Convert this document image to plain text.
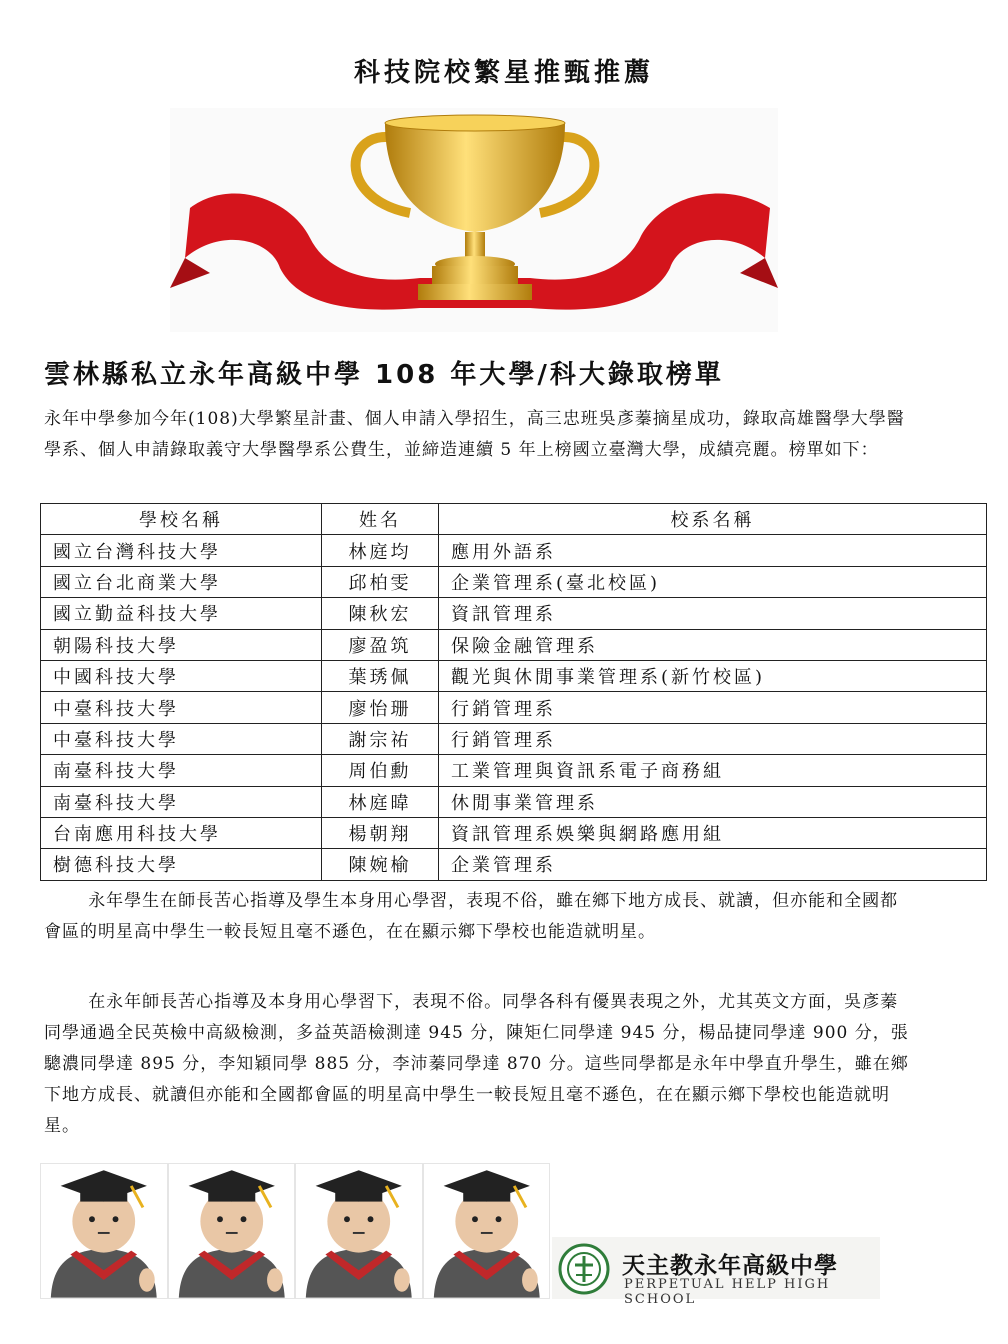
科技院校繁星推甄推薦
雲林縣私立永年高級中學 108 年大學/科大錄取榜單
永年中學參加今年(108)大學繁星計畫、個人申請入學招生，高三忠班吳彥蓁摘星成功，錄取高雄醫學大學醫學系、個人申請錄取義守大學醫學系公費生，並締造連續 5 年上榜國立臺灣大學，成績亮麗。榜單如下：
學校名稱	姓名	校系名稱
國立台灣科技大學	林庭均	應用外語系
國立台北商業大學	邱柏雯	企業管理系(臺北校區)
國立勤益科技大學	陳秋宏	資訊管理系
朝陽科技大學	廖盈筑	保險金融管理系
中國科技大學	葉琇佩	觀光與休閒事業管理系(新竹校區)
中臺科技大學	廖怡珊	行銷管理系
中臺科技大學	謝宗祐	行銷管理系
南臺科技大學	周伯勳	工業管理與資訊系電子商務組
南臺科技大學	林庭暐	休閒事業管理系
台南應用科技大學	楊朝翔	資訊管理系娛樂與網路應用組
樹德科技大學	陳婉榆	企業管理系

永年學生在師長苦心指導及學生本身用心學習，表現不俗，雖在鄉下地方成長、就讀，但亦能和全國都會區的明星高中學生一較長短且毫不遜色，在在顯示鄉下學校也能造就明星。

在永年師長苦心指導及本身用心學習下，表現不俗。同學各科有優異表現之外，尤其英文方面，吳彥蓁同學通過全民英檢中高級檢測，多益英語檢測達 945 分，陳矩仁同學達 945 分，楊品捷同學達 900 分，張驄濃同學達 895 分，李知穎同學 885 分，李沛蓁同學達 870 分。這些同學都是永年中學直升學生，雖在鄉下地方成長、就讀但亦能和全國都會區的明星高中學生一較長短且毫不遜色，在在顯示鄉下學校也能造就明星。

天主教永年高級中學
PERPETUAL HELP HIGH SCHOOL
